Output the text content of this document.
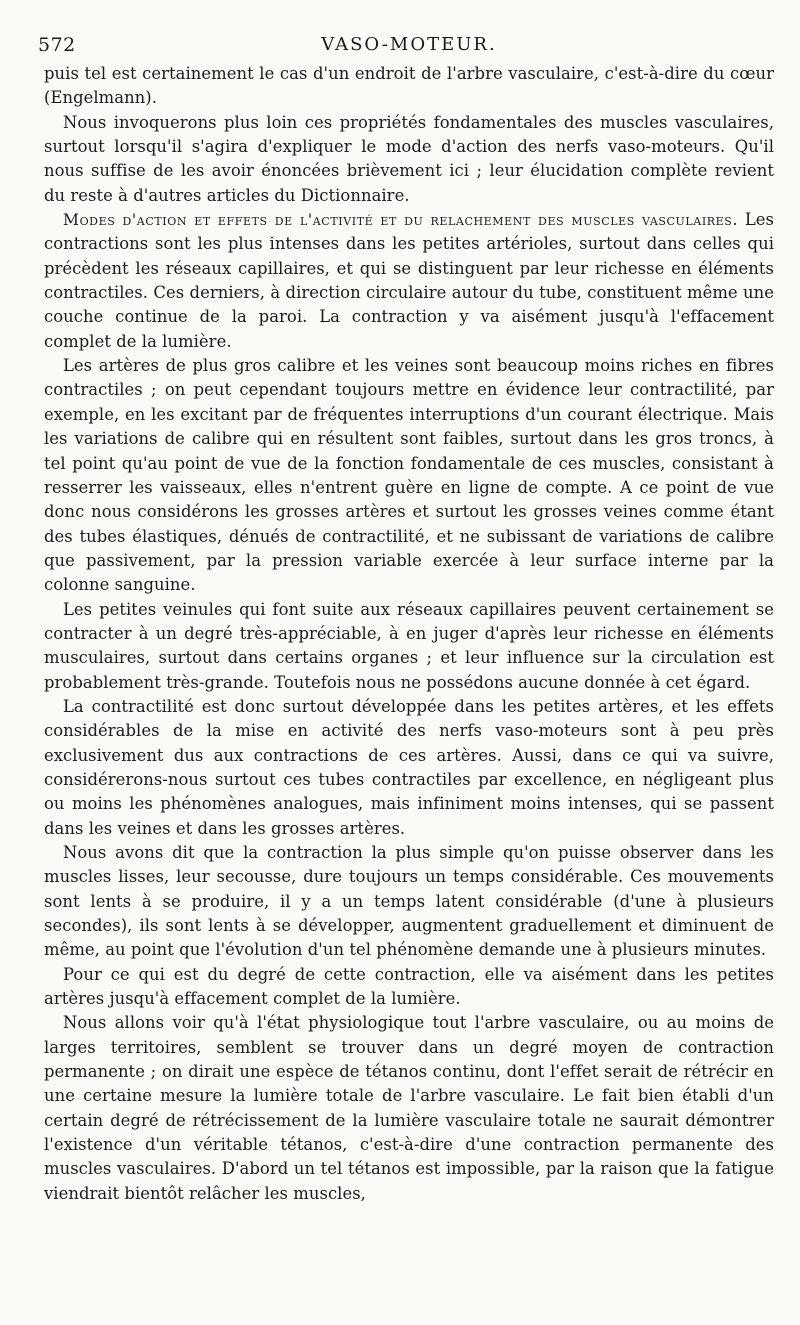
572	VASO-MOTEUR.

puis tel est certainement le cas d'un endroit de l'arbre vasculaire, c'est-à-dire du cœur (Engelmann).

Nous invoquerons plus loin ces propriétés fondamentales des muscles vasculaires, surtout lorsqu'il s'agira d'expliquer le mode d'action des nerfs vaso-moteurs. Qu'il nous suffise de les avoir énoncées brièvement ici ; leur élucidation complète revient du reste à d'autres articles du Dictionnaire.

Modes d'action et effets de l'activité et du relachement des muscles vasculaires. Les contractions sont les plus intenses dans les petites artérioles, surtout dans celles qui précèdent les réseaux capillaires, et qui se distinguent par leur richesse en éléments contractiles. Ces derniers, à direction circulaire autour du tube, constituent même une couche continue de la paroi. La contraction y va aisément jusqu'à l'effacement complet de la lumière.

Les artères de plus gros calibre et les veines sont beaucoup moins riches en fibres contractiles ; on peut cependant toujours mettre en évidence leur contractilité, par exemple, en les excitant par de fréquentes interruptions d'un courant électrique. Mais les variations de calibre qui en résultent sont faibles, surtout dans les gros troncs, à tel point qu'au point de vue de la fonction fondamentale de ces muscles, consistant à resserrer les vaisseaux, elles n'entrent guère en ligne de compte. A ce point de vue donc nous considérons les grosses artères et surtout les grosses veines comme étant des tubes élastiques, dénués de contractilité, et ne subissant de variations de calibre que passivement, par la pression variable exercée à leur surface interne par la colonne sanguine.

Les petites veinules qui font suite aux réseaux capillaires peuvent certainement se contracter à un degré très-appréciable, à en juger d'après leur richesse en éléments musculaires, surtout dans certains organes ; et leur influence sur la circulation est probablement très-grande. Toutefois nous ne possédons aucune donnée à cet égard.

La contractilité est donc surtout développée dans les petites artères, et les effets considérables de la mise en activité des nerfs vaso-moteurs sont à peu près exclusivement dus aux contractions de ces artères. Aussi, dans ce qui va suivre, considérerons-nous surtout ces tubes contractiles par excellence, en négligeant plus ou moins les phénomènes analogues, mais infiniment moins intenses, qui se passent dans les veines et dans les grosses artères.

Nous avons dit que la contraction la plus simple qu'on puisse observer dans les muscles lisses, leur secousse, dure toujours un temps considérable. Ces mouvements sont lents à se produire, il y a un temps latent considérable (d'une à plusieurs secondes), ils sont lents à se développer, augmentent graduellement et diminuent de même, au point que l'évolution d'un tel phénomène demande une à plusieurs minutes.

Pour ce qui est du degré de cette contraction, elle va aisément dans les petites artères jusqu'à effacement complet de la lumière.

Nous allons voir qu'à l'état physiologique tout l'arbre vasculaire, ou au moins de larges territoires, semblent se trouver dans un degré moyen de contraction permanente ; on dirait une espèce de tétanos continu, dont l'effet serait de rétrécir en une certaine mesure la lumière totale de l'arbre vasculaire. Le fait bien établi d'un certain degré de rétrécissement de la lumière vasculaire totale ne saurait démontrer l'existence d'un véritable tétanos, c'est-à-dire d'une contraction permanente des muscles vasculaires. D'abord un tel tétanos est impossible, par la raison que la fatigue viendrait bientôt relâcher les muscles,
